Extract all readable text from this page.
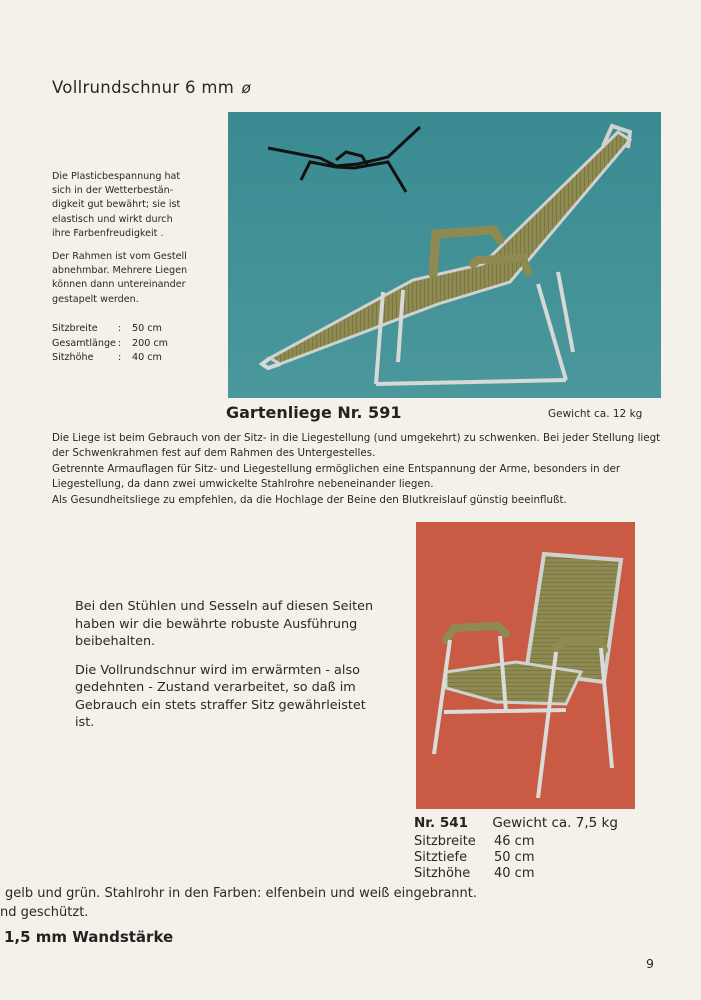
Vollrundschnur 6 mm ø
Die Plasticbespannung hat
sich in der Wetterbestän-
digkeit gut bewährt; sie ist
elastisch und wirkt durch
ihre Farbenfreudigkeit .
Der Rahmen ist vom Gestell
abnehmbar. Mehrere Liegen
können dann untereinander
gestapelt werden.
Sitzbreite	:	50 cm
Gesamtlänge :	200 cm
Sitzhöhe	:	40 cm
Gartenliege Nr. 591	Gewicht ca. 12 kg

Die Liege ist beim Gebrauch von der Sitz- in die Liegestellung (und umgekehrt) zu schwenken. Bei jeder Stellung liegt der Schwenkrahmen fest auf dem Rahmen des Untergestelles.

Getrennte Armauflagen für Sitz- und Liegestellung ermöglichen eine Entspannung der Arme, besonders in der Liegestellung, da dann zwei umwickelte Stahlrohre nebeneinander liegen.

Als Gesundheitsliege zu empfehlen, da die Hochlage der Beine den Blutkreislauf günstig beeinflußt.

Bei den Stühlen und Sesseln auf diesen Seiten haben wir die bewährte robuste Ausführung beibehalten.

Die Vollrundschnur wird im erwärmten - also gedehnten - Zustand verarbeitet, so daß im Gebrauch ein stets straffer Sitz gewährleistet ist.

Nr. 541 Gewicht ca. 7,5 kg
Sitzbreite	46 cm
Sitztiefe	50 cm
Sitzhöhe	40 cm
gelb und grün. Stahlrohr in den Farben: elfenbein und weiß eingebrannt.
nd geschützt.
1,5 mm Wandstärke
9
